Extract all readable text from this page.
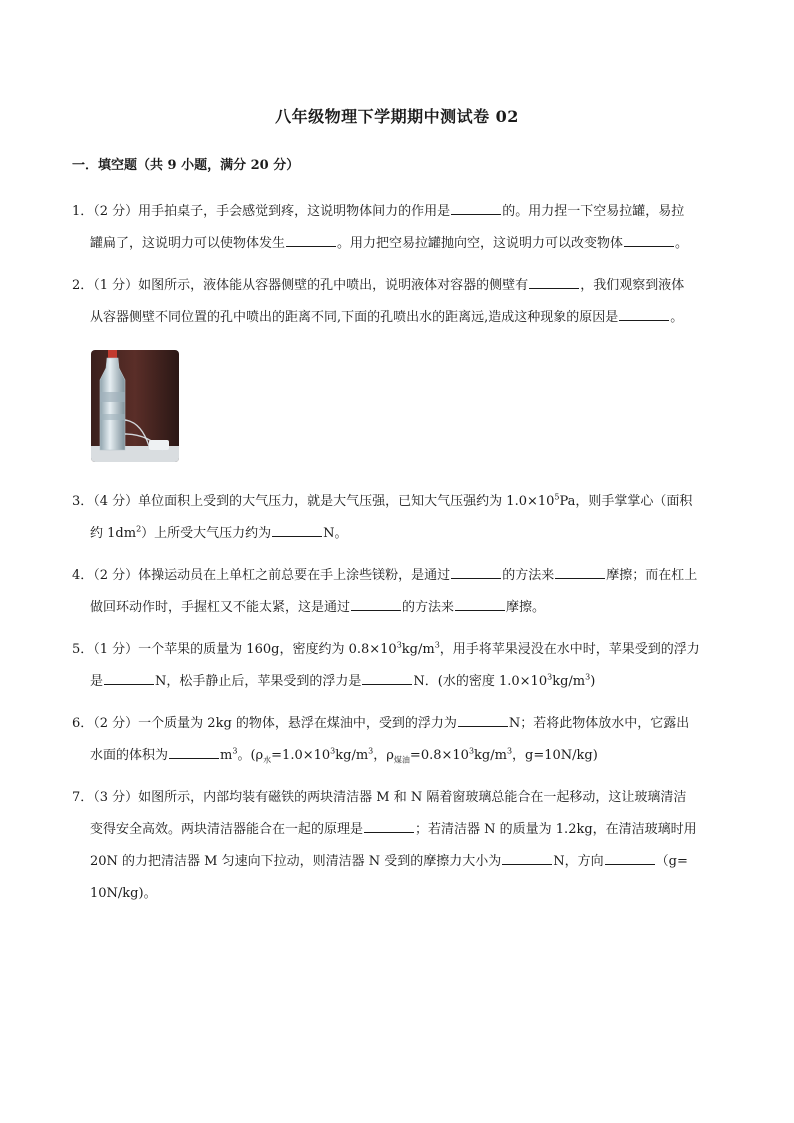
八年级物理下学期期中测试卷 02
一．填空题（共 9 小题，满分 20 分）
1．（2 分）用手拍桌子，手会感觉到疼，这说明物体间力的作用是	的。用力捏一下空易拉罐，易拉
罐扁了，这说明力可以使物体发生	。用力把空易拉罐抛向空，这说明力可以改变物体	。
2．（1 分）如图所示，液体能从容器侧壁的孔中喷出，说明液体对容器的侧壁有	，我们观察到液体
从容器侧壁不同位置的孔中喷出的距离不同,下面的孔喷出水的距离远,造成这种现象的原因是	。
3．（4 分）单位面积上受到的大气压力，就是大气压强，已知大气压强约为 $1.0\times 10^5Pa$，则手掌掌心（面积
约 $1dm^2$）上所受大气压力约为	N。
4．（2 分）体操运动员在上单杠之前总要在手上涂些镁粉，是通过	的方法来	摩擦；而在杠上
做回环动作时，手握杠又不能太紧，这是通过	的方法来	摩擦。
5．（1 分）一个苹果的质量为 160g，密度约为 $0.8\times 10^3kg/m^3$，用手将苹果浸没在水中时，苹果受到的浮力
是	N，松手静止后，苹果受到的浮力是	N．(水的密度 $1.0\times 10^3kg/m^3$)
6．（2 分）一个质量为 2kg 的物体，悬浮在煤油中，受到的浮力为	N；若将此物体放水中，它露出
水面的体积为	$m^3$。($\rho_水=1.0\times 10^3kg/m^3$，$\rho_{煤油}=0.8\times 10^3kg/m^3$，g=10N/kg)
7．（3 分）如图所示，内部均装有磁铁的两块清洁器 M 和 N 隔着窗玻璃总能合在一起移动，这让玻璃清洁
变得安全高效。两块清洁器能合在一起的原理是	；若清洁器 N 的质量为 1.2kg，在清洁玻璃时用
20N 的力把清洁器 M 匀速向下拉动，则清洁器 N 受到的摩擦力大小为	N，方向	（g=
10N/kg)。
